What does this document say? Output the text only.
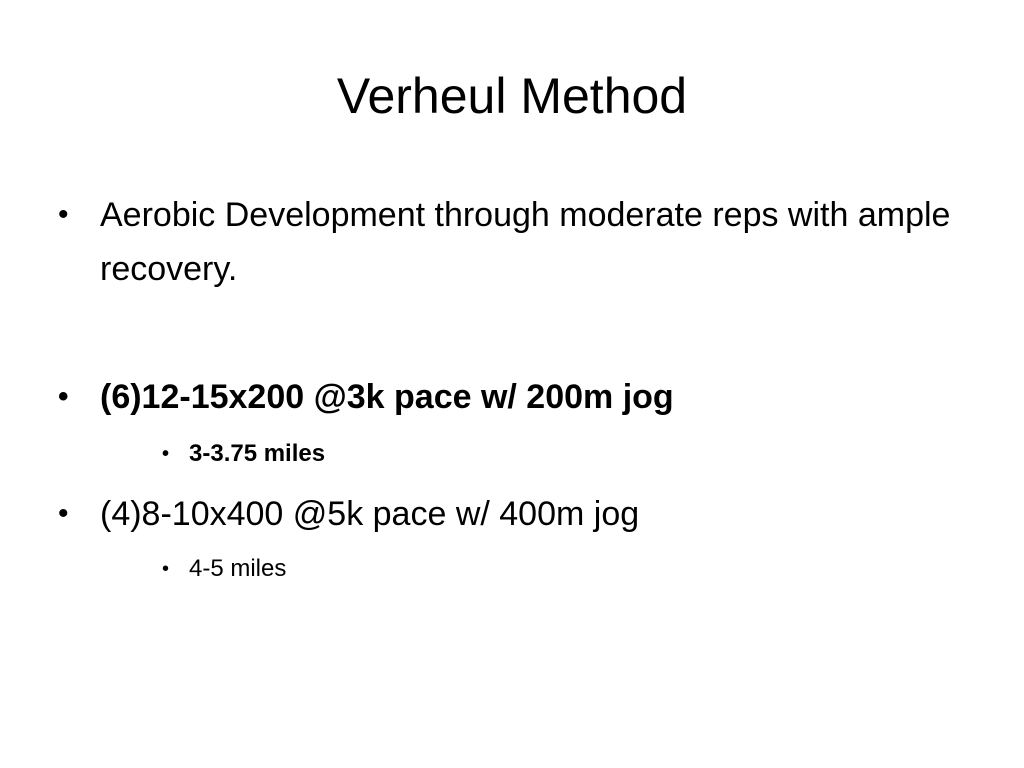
Verheul Method
• Aerobic Development through moderate reps with ample recovery.
• (6)12-15x200 @3k pace w/ 200m jog
• 3-3.75 miles
• (4)8-10x400 @5k pace w/ 400m jog
• 4-5 miles
